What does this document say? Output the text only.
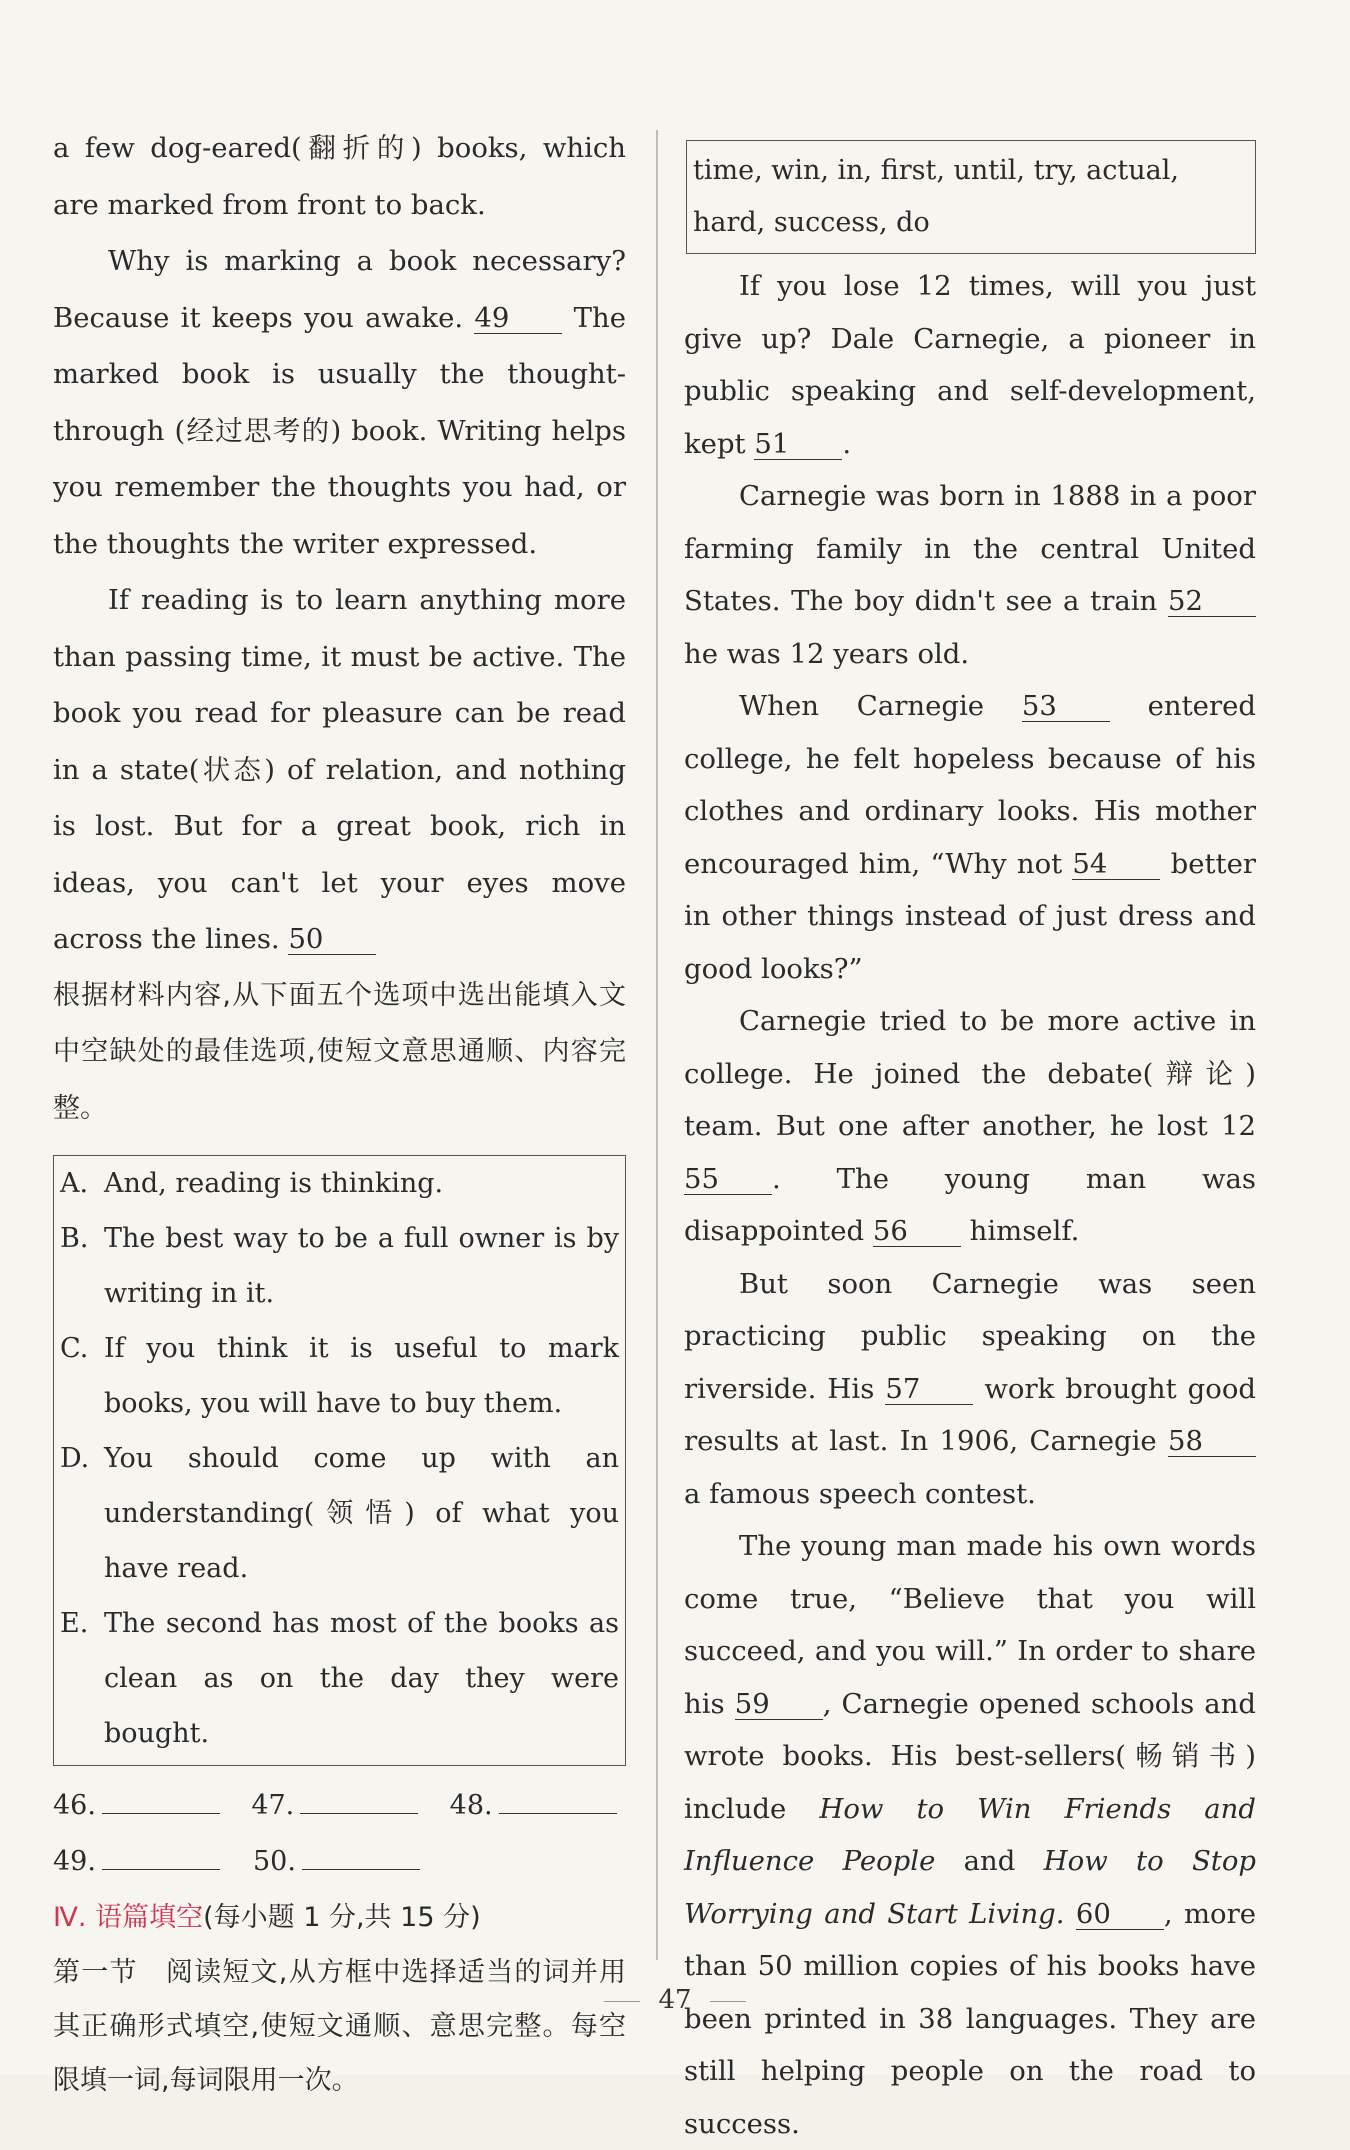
a few dog-eared(翻折的) books, which are marked from front to back.

Why is marking a book necessary? Because it keeps you awake. 49 The marked book is usually the thought-through (经过思考的) book. Writing helps you remember the thoughts you had, or the thoughts the writer expressed.

If reading is to learn anything more than passing time, it must be active. The book you read for pleasure can be read in a state(状态) of relation, and nothing is lost. But for a great book, rich in ideas, you can't let your eyes move across the lines. 50

根据材料内容,从下面五个选项中选出能填入文中空缺处的最佳选项,使短文意思通顺、内容完整。

A. And, reading is thinking.
B. The best way to be a full owner is by writing in it.
C. If you think it is useful to mark books, you will have to buy them.
D. You should come up with an understanding(领悟) of what you have read.
E. The second has most of the books as clean as on the day they were bought.
46.	47.	48.
49.	50.
Ⅳ. 语篇填空(每小题 1 分,共 15 分)

第一节　阅读短文,从方框中选择适当的词并用其正确形式填空,使短文通顺、意思完整。每空限填一词,每词限用一次。

time, win, in, first, until, try, actual, hard, success, do

If you lose 12 times, will you just give up? Dale Carnegie, a pioneer in public speaking and self-development, kept 51 .

Carnegie was born in 1888 in a poor farming family in the central United States. The boy didn't see a train 52 he was 12 years old.

When Carnegie 53	entered college, he felt hopeless because of his clothes and ordinary looks. His mother encouraged him, “Why not 54 better in other things instead of just dress and good looks?”

Carnegie tried to be more active in college. He joined the debate(辩论) team. But one after another, he lost 12 55 . The young man was disappointed 56 himself.

But soon Carnegie was seen practicing public speaking on the riverside. His 57 work brought good results at last. In 1906, Carnegie 58 a famous speech contest.

The young man made his own words come true, “Believe that you will succeed, and you will.” In order to share his 59 , Carnegie opened schools and wrote books. His best-sellers(畅销书) include How to Win Friends and Influence People and How to Stop Worrying and Start Living. 60 , more than 50 million copies of his books have been printed in 38 languages. They are still helping people on the road to success.

47
